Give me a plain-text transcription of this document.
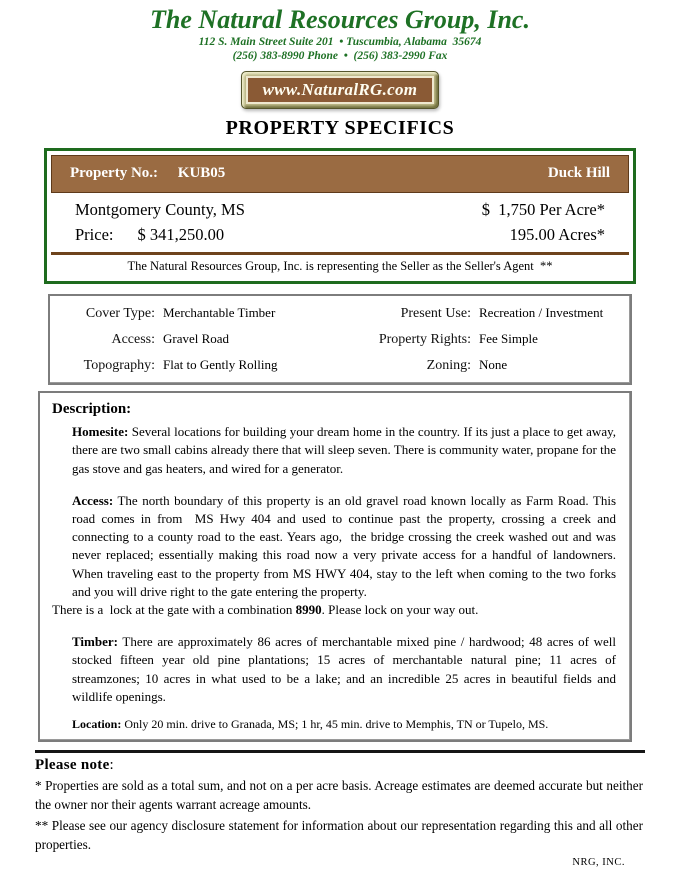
The Natural Resources Group, Inc.
112 S. Main Street Suite 201  • Tuscumbia, Alabama  35674
(256) 383-8990 Phone  •  (256) 383-2990 Fax
www.NaturalRG.com
PROPERTY SPECIFICS
Property No.: KUB05	Duck Hill
Montgomery County, MS	$  1,750 Per Acre*
Price: $ 341,250.00	195.00 Acres*
The Natural Resources Group, Inc. is representing the Seller as the Seller's Agent  **
Cover Type: Merchantable Timber	Present Use: Recreation / Investment
Access: Gravel Road	Property Rights: Fee Simple
Topography: Flat to Gently Rolling	Zoning: None
Description:

Homesite: Several locations for building your dream home in the country. If its just a place to get away, there are two small cabins already there that will sleep seven. There is community water, propane for the gas stove and gas heaters, and wired for a generator.

Access: The north boundary of this property is an old gravel road known locally as Farm Road. This road comes in from  MS Hwy 404 and used to continue past the property, crossing a creek and connecting to a county road to the east. Years ago,  the bridge crossing the creek washed out and was never replaced; essentially making this road now a very private access for a handful of landowners. When traveling east to the property from MS HWY 404, stay to the left when coming to the two forks and you will drive right to the gate entering the property.

There is a  lock at the gate with a combination 8990. Please lock on your way out.

Timber: There are approximately 86 acres of merchantable mixed pine / hardwood; 48 acres of well stocked fifteen year old pine plantations; 15 acres of merchantable natural pine; 11 acres of streamzones; 10 acres in what used to be a lake; and an incredible 25 acres in beautiful fields and wildlife openings.

Location: Only 20 min. drive to Granada, MS; 1 hr, 45 min. drive to Memphis, TN or Tupelo, MS.

Please note:

* Properties are sold as a total sum, and not on a per acre basis. Acreage estimates are deemed accurate but neither the owner nor their agents warrant acreage amounts.

** Please see our agency disclosure statement for information about our representation regarding this and all other properties.

NRG, INC.
